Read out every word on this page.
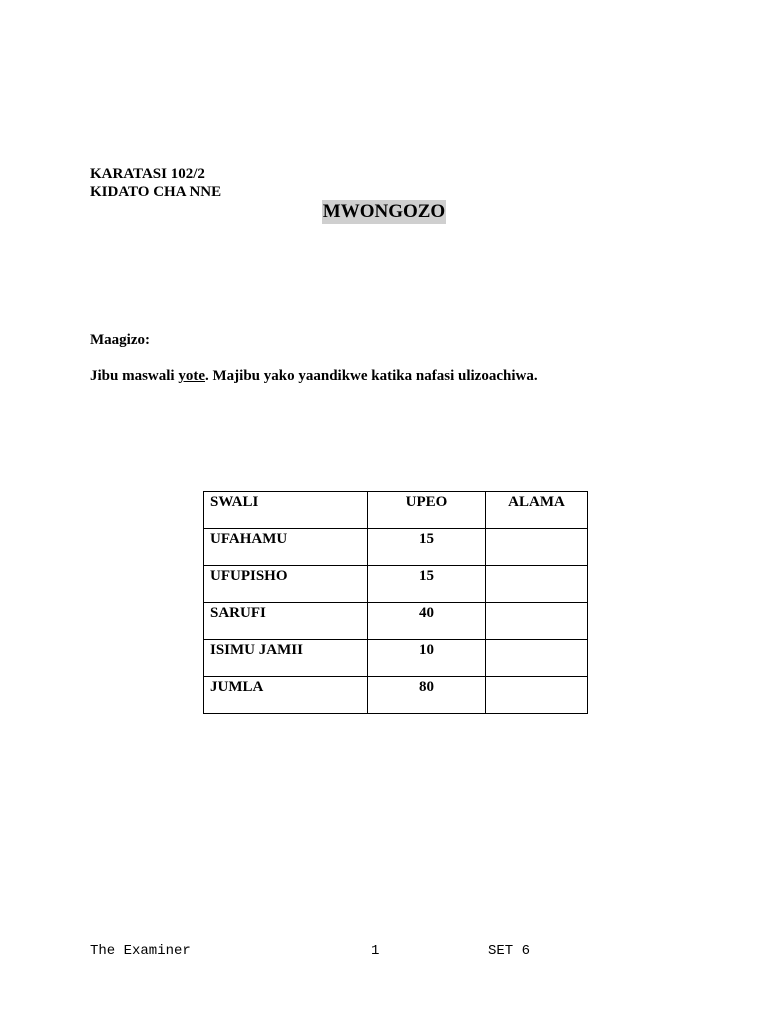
KARATASI 102/2
KIDATO CHA NNE
MWONGOZO
Maagizo:
Jibu maswali yote. Majibu yako yaandikwe katika nafasi ulizoachiwa.
SWALI	UPEO	ALAMA
UFAHAMU	15	
UFUPISHO	15	
SARUFI	40	
ISIMU JAMII	10	
JUMLA	80	
The Examiner	1	SET 6
